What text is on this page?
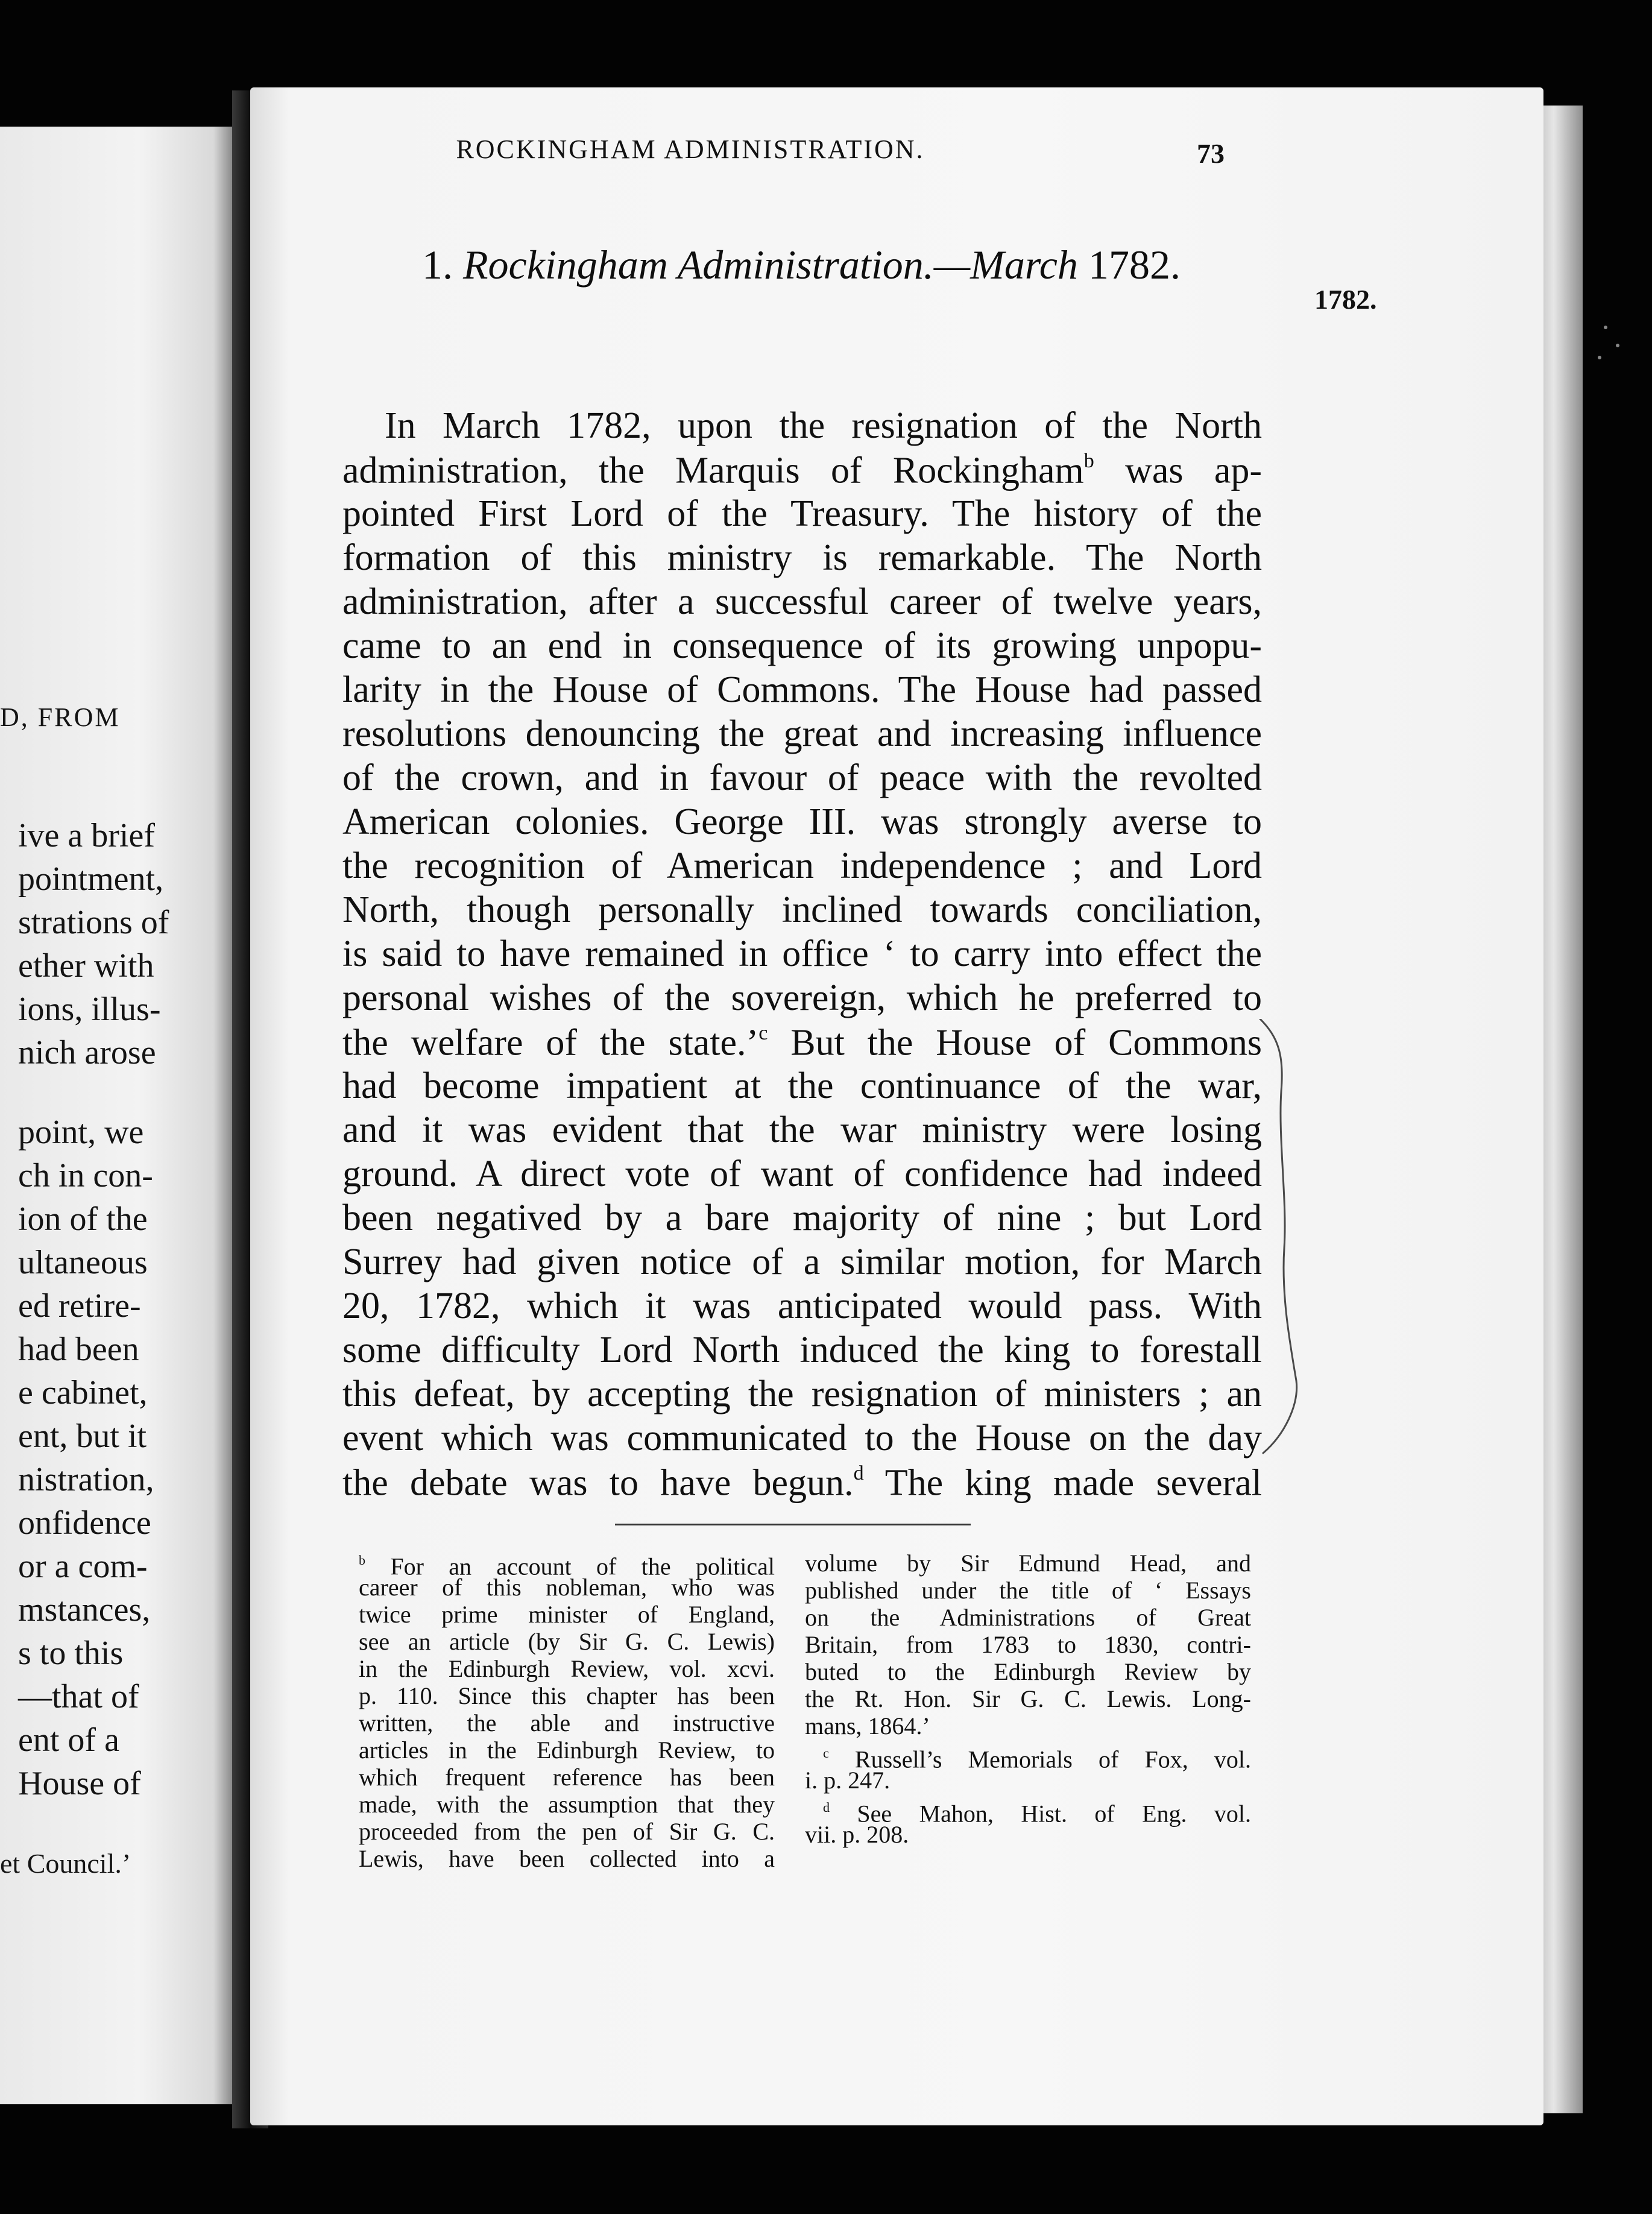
D, FROM
ive a brief
pointment,
strations of
ether with
ions, illus-
nich arose
point, we
ch in con-
ion of the
ultaneous
ed retire-
had been
e cabinet,
ent, but it
nistration,
onfidence
or a com-
mstances,
s to this
—that of
ent of a
House of
et Council.’
ROCKINGHAM ADMINISTRATION.	73
1. Rockingham Administration.—March 1782.
1782.
In March 1782, upon the resignation of the North
administration, the Marquis of Rockingham$^b$ was ap-
pointed First Lord of the Treasury. The history of the
formation of this ministry is remarkable. The North
administration, after a successful career of twelve years,
came to an end in consequence of its growing unpopu-
larity in the House of Commons. The House had passed
resolutions denouncing the great and increasing influence
of the crown, and in favour of peace with the revolted
American colonies. George III. was strongly averse to
the recognition of American independence ; and Lord
North, though personally inclined towards conciliation,
is said to have remained in office ‘ to carry into effect the
personal wishes of the sovereign, which he preferred to
the welfare of the state.’$^c$ But the House of Commons
had become impatient at the continuance of the war,
and it was evident that the war ministry were losing
ground. A direct vote of want of confidence had indeed
been negatived by a bare majority of nine ; but Lord
Surrey had given notice of a similar motion, for March
20, 1782, which it was anticipated would pass. With
some difficulty Lord North induced the king to forestall
this defeat, by accepting the resignation of ministers ; an
event which was communicated to the House on the day
the debate was to have begun.$^d$ The king made several
$^b$ For an account of the political
career of this nobleman, who was
twice prime minister of England,
see an article (by Sir G. C. Lewis)
in the Edinburgh Review, vol. xcvi.
p. 110. Since this chapter has been
written, the able and instructive
articles in the Edinburgh Review, to
which frequent reference has been
made, with the assumption that they
proceeded from the pen of Sir G. C.
Lewis, have been collected into a
volume by Sir Edmund Head, and
published under the title of ‘ Essays
on the Administrations of Great
Britain, from 1783 to 1830, contri-
buted to the Edinburgh Review by
the Rt. Hon. Sir G. C. Lewis. Long-
mans, 1864.’
$^c$ Russell’s Memorials of Fox, vol.
i. p. 247.
$^d$ See Mahon, Hist. of Eng. vol.
vii. p. 208.
